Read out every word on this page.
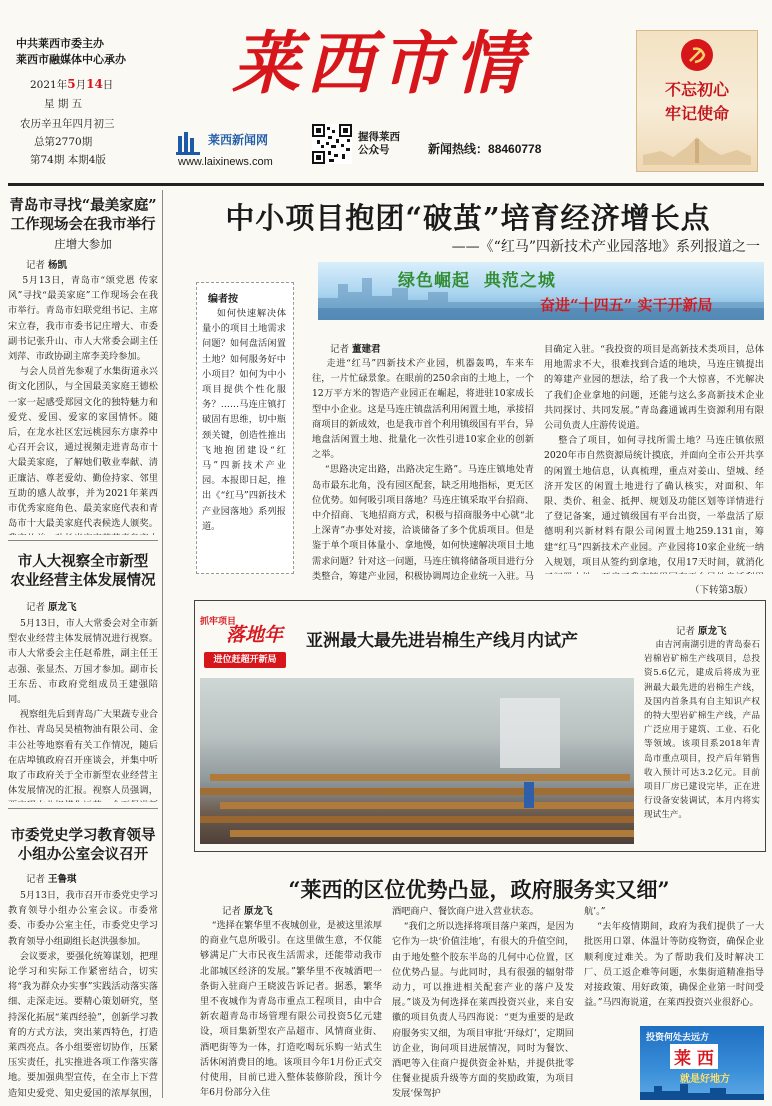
中共莱西市委主办
莱西市融媒体中心承办
2021年5月14日
星 期 五
农历辛丑年四月初三
总第2770期
第74期 本期4版
莱西市情
莱西新闻网
www.laixinews.com
握得莱西
公众号	新闻热线：88460778
不忘初心
牢记使命
青岛市寻找“最美家庭”
工作现场会在我市举行
庄增大参加
记者 杨凯
5月13日，青岛市“颂党恩 传家风”寻找“最美家庭”工作现场会在我市举行。青岛市妇联党组书记、主席宋立春，我市市委书记庄增大、市委副书记张升山、市人大常委会副主任刘萍、市政协副主席李美玲参加。
与会人员首先参观了水集街道永兴街文化团队，与全国最美家庭王德松一家一起感受郑园文化的独特魅力和爱党、爱国、爱家的家国情怀。随后，在龙水社区宏远桃园东方康养中心召开会议，通过视频走进青岛市十大最美家庭，了解她们敬业奉献、清正廉洁、尊老爱幼、勤俭持家、邻里互助的感人故事，并为2021年莱西市优秀家庭角色、最美家庭代表和青岛市十大最美家庭代表候选人颁奖。
市人大视察全市新型
农业经营主体发展情况
记者 原龙飞
5月13日，市人大常委会对全市新型农业经营主体发展情况进行视察。市人大常委会主任赵希胜，副主任王志强、张显杰、万国才参加。副市长王东岳、市政府党组成员王建强陪同。
视察组先后到青岛广大果蔬专业合作社、青岛吴昊植物油有限公司、金丰公社等地察看有关工作情况，随后在店埠镇政府召开座谈会，并集中听取了市政府关于全市新型农业经营主体发展情况的汇报。视察人员强调，
市委党史学习教育领导
小组办公室会议召开
记者 王鲁琪
5月13日，我市召开市委党史学习教育领导小组办公室会议。市委常委、市委办公室主任，市委党史学习教育领导小组副组长赵洪强参加。
会议要求，要强化统筹谋划，把理论学习和实际工作紧密结合，切实将“我为群众办实事”实践活动落实落细、走深走远。要精心策划研究，坚持深化拓展“莱西经验”，创新学习教育的方式方法，突出莱西特色，打造莱西亮点。各小组要密切协作，压紧压实责任，扎实推进各项工作落实落地。要加强典型宣传，在全市上下营造知史爱党、知史爱国的浓厚氛围，
中小项目抱团“破茧”培育经济增长点
——《“红马”四新技术产业园落地》系列报道之一
绿色崛起  典范之城
奋进“十四五” 实干开新局
编者按
如何快速解决体量小的项目土地需求问题？如何盘活闲置土地？如何服务好中小项目？如何为中小项目提供个性化服务？……马连庄镇打破固有思维，切中瓶颈关键，创造性推出飞地抱团建设“红马”四新技术产业园。本报即日起，推出《“红马”四新技术产业园落地》系列报道。
记者 董建君
走进“红马”四新技术产业园，机器轰鸣，车来车往，一片忙碌景象。在眼前的250余亩的土地上，一个12万平方米的智造产业园正在崛起，将进驻10家成长型中小企业。这是马连庄镇盘活利用闲置土地，承接招商项目的新成效，也是我市首个利用镇级国有平台，异地盘活闲置土地、批量化一次性引进10家企业的创新之举。
“思路决定出路，出路决定生路”。马连庄镇地处青岛市最东北角，没有园区配套，缺乏用地指标，更无区位优势。如何吸引项目落地？马连庄镇采取平台招商、中介招商、飞地招商方式，积极与招商服务中心就“北上深青”办事处对接，洽谈储备了多个优质项目。但是鉴于单个项目体量小、拿地慢，如何快速解决项目土地需求问题？针对这一问题，马连庄镇将储备项目进行分类整合，筹建产业园，积极协调周边企业统一入驻。马
目确定入驻。“我投资的项目是高新技术类项目，总体用地需求不大，很难找到合适的地块，马连庄镇提出的筹建产业园的想法，给了我一个大惊喜，不光解决了我们企业拿地的问题，还能与这么多高新技术企业共同探讨、共同发展。”青岛鑫通诚再生资源利用有限公司负责人庄游传说道。
整合了项目，如何寻找所需土地？马连庄镇依照2020年市自然资源局统计摸底，并面向全市公开共享的闲置土地信息，认真梳理，重点对姜山、望城、经济开发区的闲置土地进行了确认核实，对面积、年限、类价、租金、抵押、规划及功能区划等详情进行了登记备案，通过镇级国有平台出资，一举盘活了原德明利兴新材料有限公司闲置土地259.131亩，筹建“红马”四新技术产业园。产业园将10家企业统一纳入规划，项目从签约到拿地，仅用17天时间，就消化
（下转第3版）
抓牢项目
落地年
进位赶超开新局
亚洲最大最先进岩棉生产线月内试产	记者 原龙飞
由吉河南湖引进的青岛泰石岩棉岩矿棉生产线项目，总投资5.6亿元，建成后将成为亚洲最大最先进的岩棉生产线，及国内首条具有自主知识产权的特大型岩矿棉生产线，产品广泛应用于建筑、工业、石化等领域。该项目系2018年青岛市重点项目，投产后年销售收入预计可达3.2亿元。目前项目厂房已建设完毕，正在进行设备安装调试，本月内将实现试生产。
“莱西的区位优势凸显，政府服务实又细”
记者 原龙飞
“选择在繁华里不夜城创业，是被这里浓厚的商业气息所吸引。在这里做生意，不仅能够满足广大市民夜生活需求，还能带动我市北部城区经济的发展。”繁华里不夜城酒吧一条街入驻商户王晓波告诉记者。据悉，繁华里不夜城作为青岛市重点工程项目，由中合新农超青岛市场管理有限公司投资5亿元建设，项目集新型农产品超市、风情商业街、酒吧街等为一体，打造吃喝玩乐购一站式生活休闲消费目的地。该项目今年1月份正式交付使用，目前已进入整体装修阶段，预计今年6月份部分入住
酒吧商户、餐饮商户进入营业状态。
“我们之所以选择将项目落户莱西，是因为它作为一块‘价值洼地’，有很大的升值空间，由于地处整个胶东半岛的几何中心位置，区位优势凸显。与此同时，具有很强的辐射带动力，可以推进相关配套产业的落户及发展。”谈及为何选择在莱西投资兴业，来自安徽的项目负责人马四海说：“更为重要的是政府服务实又细，为项目审批‘开绿灯’，定期回访企业，询问项目进展情况，同时为餐饮、酒吧等入住商户提供资金补贴，并提供批零住餐业提质升级等方面的奖励政策，为项目发展‘保驾护
航’。”
“去年疫情期间，政府为我们提供了一大批医用口罩、体温计等防疫物资，确保企业顺利度过难关。为了帮助我们及时解决工厂、员工返企难等问题，水集街道精准指导对接政策、用好政策，确保企业第一时间受益。”马四海说道，在莱西投资兴业很舒心。
投资何处去远方
莱 西
就是好地方
